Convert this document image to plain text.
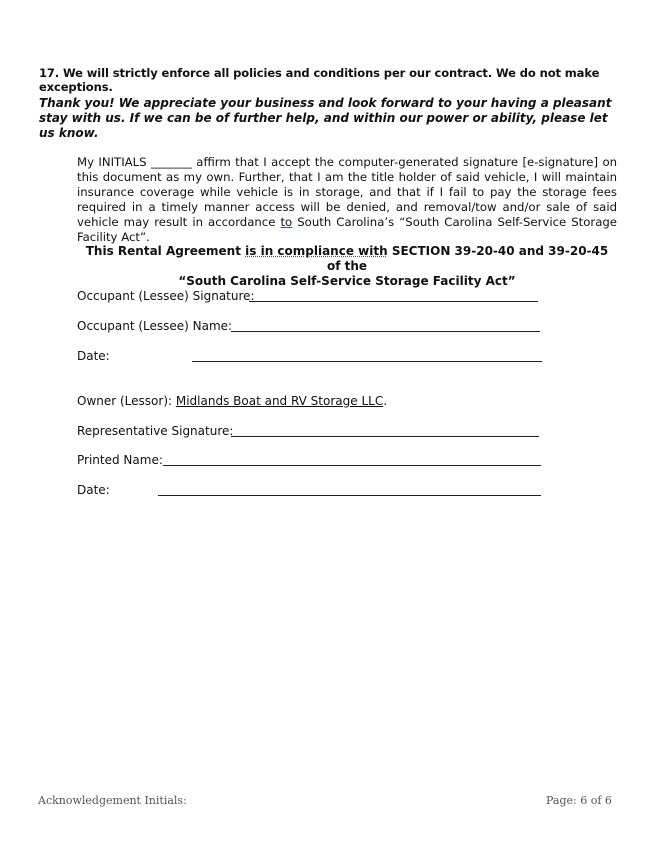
17. We will strictly enforce all policies and conditions per our contract. We do not make exceptions.
Thank you! We appreciate your business and look forward to your having a pleasant stay with us. If we can be of further help, and within our power or ability, please let us know.
My INITIALS _______ affirm that I accept the computer-generated signature [e-signature] on this document as my own. Further, that I am the title holder of said vehicle, I will maintain insurance coverage while vehicle is in storage, and that if I fail to pay the storage fees required in a timely manner access will be denied, and removal/tow and/or sale of said vehicle may result in accordance to South Carolina’s “South Carolina Self-Service Storage Facility Act”.
This Rental Agreement is in compliance with SECTION 39-20-40 and 39-20-45 of the
“South Carolina Self-Service Storage Facility Act”
Occupant (Lessee) Signature:
Occupant (Lessee) Name:
Date:
Owner (Lessor): Midlands Boat and RV Storage LLC.
Representative Signature:
Printed Name:
Date:
Acknowledgement Initials:	Page: 6 of 6
